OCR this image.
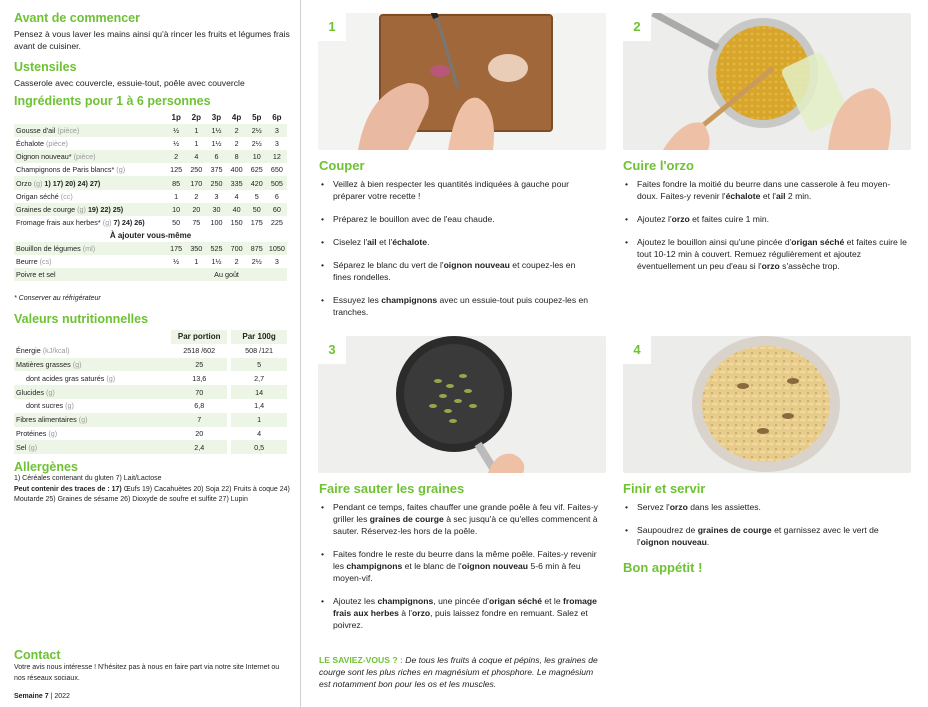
Avant de commencer
Pensez à vous laver les mains ainsi qu'à rincer les fruits et légumes frais avant de cuisiner.
Ustensiles
Casserole avec couvercle, essuie-tout, poêle avec couvercle
Ingrédients pour 1 à 6 personnes
	1p	2p	3p	4p	5p	6p
Gousse d'ail (pièce)	½	1	1½	2	2½	3
Échalote (pièce)	½	1	1½	2	2½	3
Oignon nouveau* (pièce)	2	4	6	8	10	12
Champignons de Paris blancs* (g)	125	250	375	400	625	650
Orzo (g) 1) 17) 20) 24) 27)	85	170	250	335	420	505
Origan séché (cc)	1	2	3	4	5	6
Graines de courge (g) 19) 22) 25)	10	20	30	40	50	60
Fromage frais aux herbes* (g) 7) 24) 26)	50	75	100	150	175	225
À ajouter vous-même						
Bouillon de légumes (ml)	175	350	525	700	875	1050
Beurre (cs)	½	1	1½	2	2½	3
Poivre et sel	Au goût					
* Conserver au réfrigérateur
Valeurs nutritionnelles
	Par portion		Par 100g
Énergie (kJ/kcal)	2518 /602		508 /121
Matières grasses (g)	25		5
dont acides gras saturés (g)	13,6		2,7
Glucides (g)	70		14
dont sucres (g)	6,8		1,4
Fibres alimentaires (g)	7		1
Protéines (g)	20		4
Sel (g)	2,4		0,5
Allergènes
1) Céréales contenant du gluten 7) Lait/Lactose
Peut contenir des traces de : 17) Œufs 19) Cacahuètes 20) Soja 22) Fruits à coque 24) Moutarde 25) Graines de sésame 26) Dioxyde de soufre et sulfite 27) Lupin
Contact
Votre avis nous intéresse ! N'hésitez pas à nous en faire part via notre site Internet ou nos réseaux sociaux.
Semaine 7 | 2022
1
Couper
• Veillez à bien respecter les quantités indiquées à gauche pour préparer votre recette !
• Préparez le bouillon avec de l'eau chaude.
• Ciselez l'ail et l'échalote.
• Séparez le blanc du vert de l'oignon nouveau et coupez-les en fines rondelles.
• Essuyez les champignons avec un essuie-tout puis coupez-les en tranches.
2
Cuire l'orzo
• Faites fondre la moitié du beurre dans une casserole à feu moyen-doux. Faites-y revenir l'échalote et l'ail 2 min.
• Ajoutez l'orzo et faites cuire 1 min.
• Ajoutez le bouillon ainsi qu'une pincée d'origan séché et faites cuire le tout 10-12 min à couvert. Remuez régulièrement et ajoutez éventuellement un peu d'eau si l'orzo s'assèche trop.
3
Faire sauter les graines
• Pendant ce temps, faites chauffer une grande poêle à feu vif. Faites-y griller les graines de courge à sec jusqu'à ce qu'elles commencent à sauter. Réservez-les hors de la poêle.
• Faites fondre le reste du beurre dans la même poêle. Faites-y revenir les champignons et le blanc de l'oignon nouveau 5-6 min à feu moyen-vif.
• Ajoutez les champignons, une pincée d'origan séché et le fromage frais aux herbes à l'orzo, puis laissez fondre en remuant. Salez et poivrez.
LE SAVIEZ-VOUS ? : De tous les fruits à coque et pépins, les graines de courge sont les plus riches en magnésium et phosphore. Le magnésium est notamment bon pour les os et les muscles.
4
Finir et servir
• Servez l'orzo dans les assiettes.
• Saupoudrez de graines de courge et garnissez avec le vert de l'oignon nouveau.
Bon appétit !
